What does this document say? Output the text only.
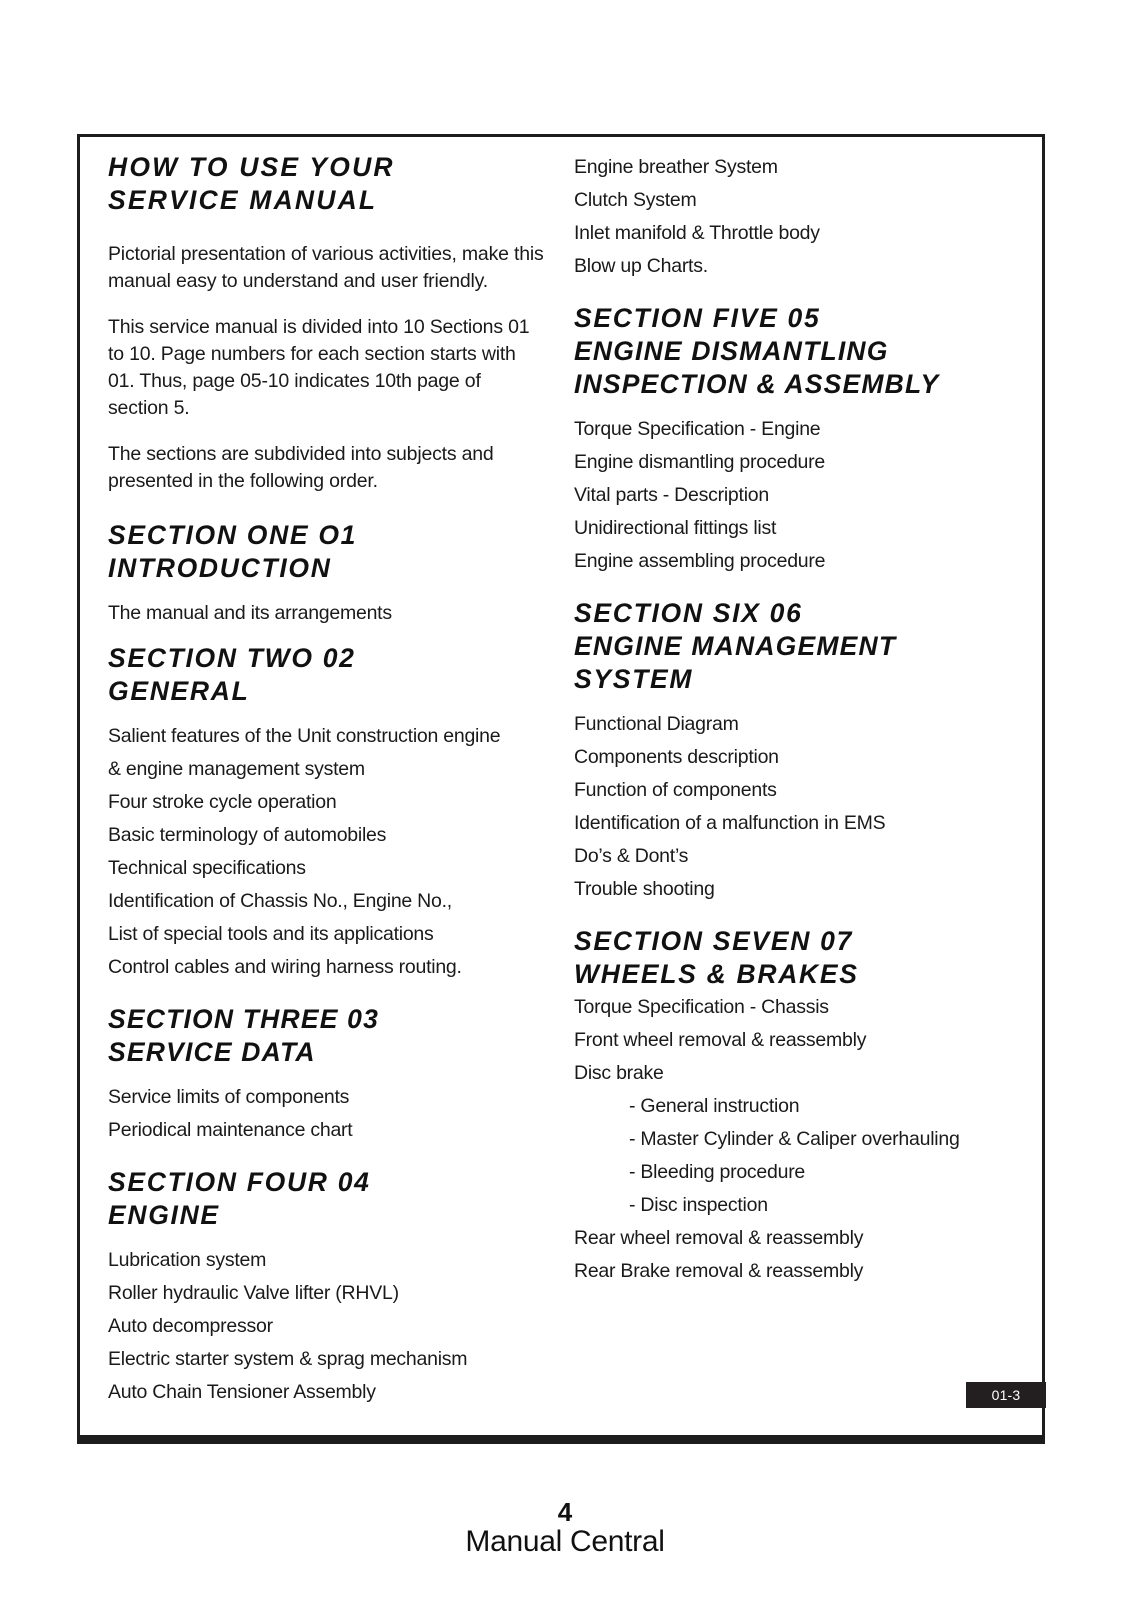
HOW TO USE YOUR
SERVICE MANUAL

Pictorial presentation of various activities, make this manual easy to understand and user friendly.

This service manual is divided into 10 Sections 01 to 10. Page numbers for each section starts with 01. Thus, page 05-10 indicates 10th page of section 5.

The sections are subdivided into subjects and presented in the following order.

SECTION ONE O1
INTRODUCTION
The manual and its arrangements
SECTION TWO 02
GENERAL
Salient features of the Unit construction engine
& engine management system
Four stroke cycle operation
Basic terminology of automobiles
Technical specifications
Identification of Chassis No., Engine No.,
List of special tools and its applications
Control cables and wiring harness routing.
SECTION THREE 03
SERVICE DATA
Service limits of components
Periodical maintenance chart
SECTION FOUR 04
ENGINE
Lubrication system
Roller hydraulic Valve lifter (RHVL)
Auto decompressor
Electric starter system & sprag mechanism
Auto Chain Tensioner Assembly
Engine breather System
Clutch System
Inlet manifold & Throttle body
Blow up Charts.
SECTION FIVE 05
ENGINE DISMANTLING
INSPECTION & ASSEMBLY
Torque Specification - Engine
Engine dismantling procedure
Vital parts - Description
Unidirectional fittings list
Engine assembling procedure
SECTION SIX 06
ENGINE MANAGEMENT
SYSTEM
Functional Diagram
Components description
Function of components
Identification of a malfunction in EMS
Do’s & Dont’s
Trouble shooting
SECTION SEVEN 07
WHEELS & BRAKES
Torque Specification - Chassis
Front wheel removal & reassembly
Disc brake
- General instruction
- Master Cylinder & Caliper overhauling
- Bleeding procedure
- Disc inspection
Rear wheel removal & reassembly
Rear Brake removal & reassembly
01-3
4
Manual Central
